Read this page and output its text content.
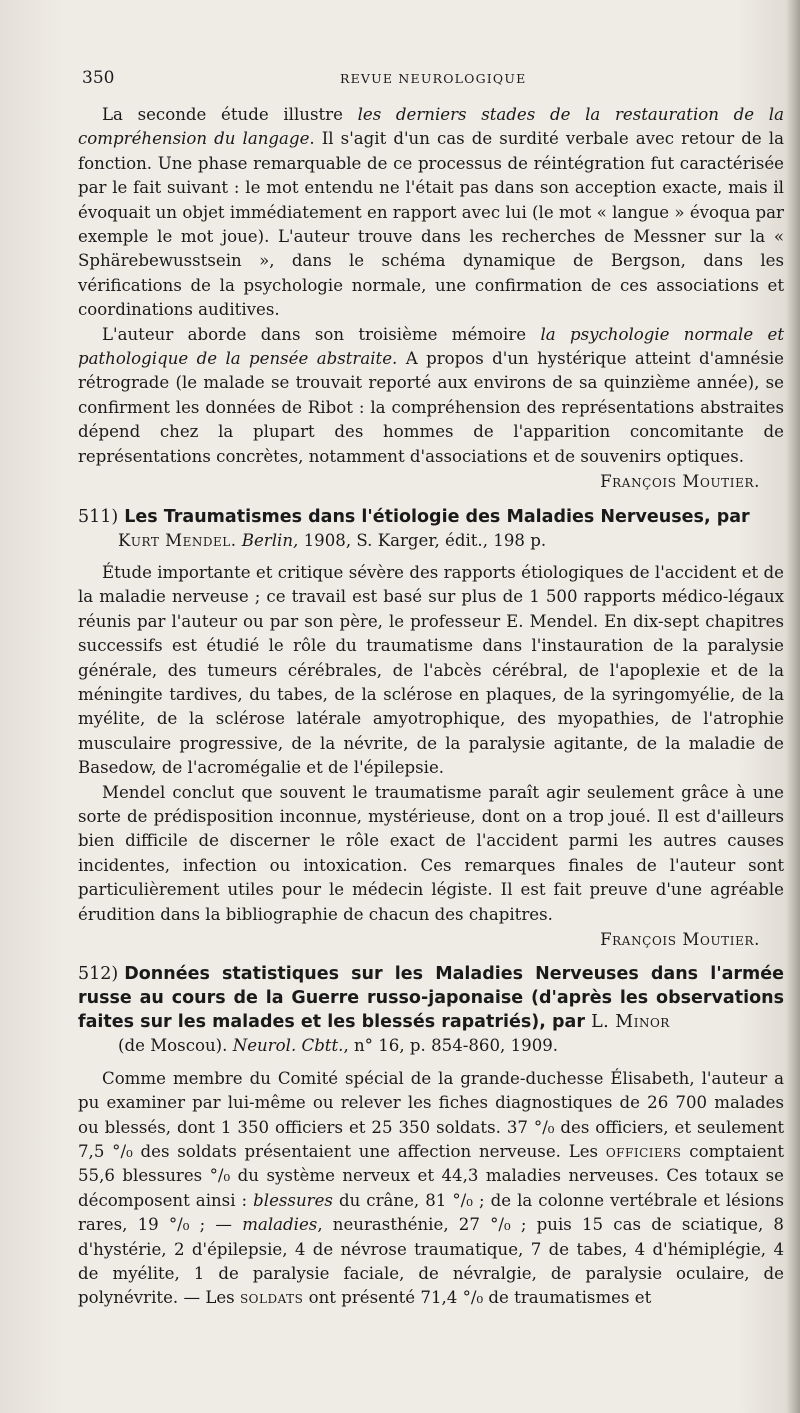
350	REVUE NEUROLOGIQUE

La seconde étude illustre les derniers stades de la restauration de la compréhension du langage. Il s'agit d'un cas de surdité verbale avec retour de la fonction. Une phase remarquable de ce processus de réintégration fut caractérisée par le fait suivant : le mot entendu ne l'était pas dans son acception exacte, mais il évoquait un objet immédiatement en rapport avec lui (le mot « langue » évoqua par exemple le mot joue). L'auteur trouve dans les recherches de Messner sur la « Sphärebewusstsein », dans le schéma dynamique de Bergson, dans les vérifications de la psychologie normale, une confirmation de ces associations et coordinations auditives.

L'auteur aborde dans son troisième mémoire la psychologie normale et pathologique de la pensée abstraite. A propos d'un hystérique atteint d'amnésie rétrograde (le malade se trouvait reporté aux environs de sa quinzième année), se confirment les données de Ribot : la compréhension des représentations abstraites dépend chez la plupart des hommes de l'apparition concomitante de représentations concrètes, notamment d'associations et de souvenirs optiques.

François Moutier.
511) Les Traumatismes dans l'étiologie des Maladies Nerveuses, par
Kurt Mendel. Berlin, 1908, S. Karger, édit., 198 p.

Étude importante et critique sévère des rapports étiologiques de l'accident et de la maladie nerveuse ; ce travail est basé sur plus de 1 500 rapports médico-légaux réunis par l'auteur ou par son père, le professeur E. Mendel. En dix-sept chapitres successifs est étudié le rôle du traumatisme dans l'instauration de la paralysie générale, des tumeurs cérébrales, de l'abcès cérébral, de l'apoplexie et de la méningite tardives, du tabes, de la sclérose en plaques, de la syringomyélie, de la myélite, de la sclérose latérale amyotrophique, des myopathies, de l'atrophie musculaire progressive, de la névrite, de la paralysie agitante, de la maladie de Basedow, de l'acromégalie et de l'épilepsie.

Mendel conclut que souvent le traumatisme paraît agir seulement grâce à une sorte de prédisposition inconnue, mystérieuse, dont on a trop joué. Il est d'ailleurs bien difficile de discerner le rôle exact de l'accident parmi les autres causes incidentes, infection ou intoxication. Ces remarques finales de l'auteur sont particulièrement utiles pour le médecin légiste. Il est fait preuve d'une agréable érudition dans la bibliographie de chacun des chapitres.

François Moutier.
512) Données statistiques sur les Maladies Nerveuses dans l'armée russe au cours de la Guerre russo-japonaise (d'après les observations faites sur les malades et les blessés rapatriés), par L. Minor
(de Moscou). Neurol. Cbtt., n° 16, p. 854-860, 1909.

Comme membre du Comité spécial de la grande-duchesse Élisabeth, l'auteur a pu examiner par lui-même ou relever les fiches diagnostiques de 26 700 malades ou blessés, dont 1 350 officiers et 25 350 soldats. 37 °/₀ des officiers, et seulement 7,5 °/₀ des soldats présentaient une affection nerveuse. Les officiers comptaient 55,6 blessures °/₀ du système nerveux et 44,3 maladies nerveuses. Ces totaux se décomposent ainsi : blessures du crâne, 81 °/₀ ; de la colonne vertébrale et lésions rares, 19 °/₀ ; — maladies, neurasthénie, 27 °/₀ ; puis 15 cas de sciatique, 8 d'hystérie, 2 d'épilepsie, 4 de névrose traumatique, 7 de tabes, 4 d'hémiplégie, 4 de myélite, 1 de paralysie faciale, de névralgie, de paralysie oculaire, de polynévrite. — Les soldats ont présenté 71,4 °/₀ de traumatismes et
